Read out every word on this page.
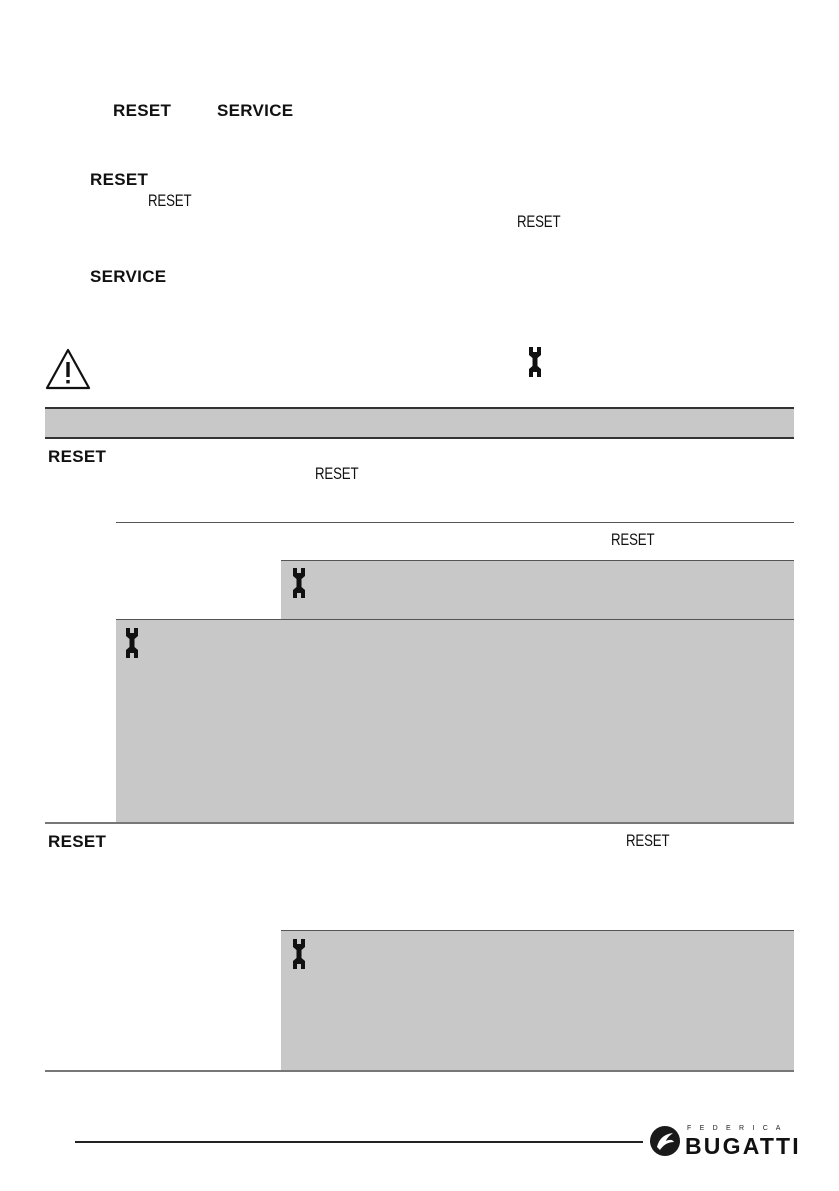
RESET	SERVICE
RESET
RESET
RESET
SERVICE
RESET
RESET
RESET
RESET	RESET
F E D E R I C A
BUGATTI
